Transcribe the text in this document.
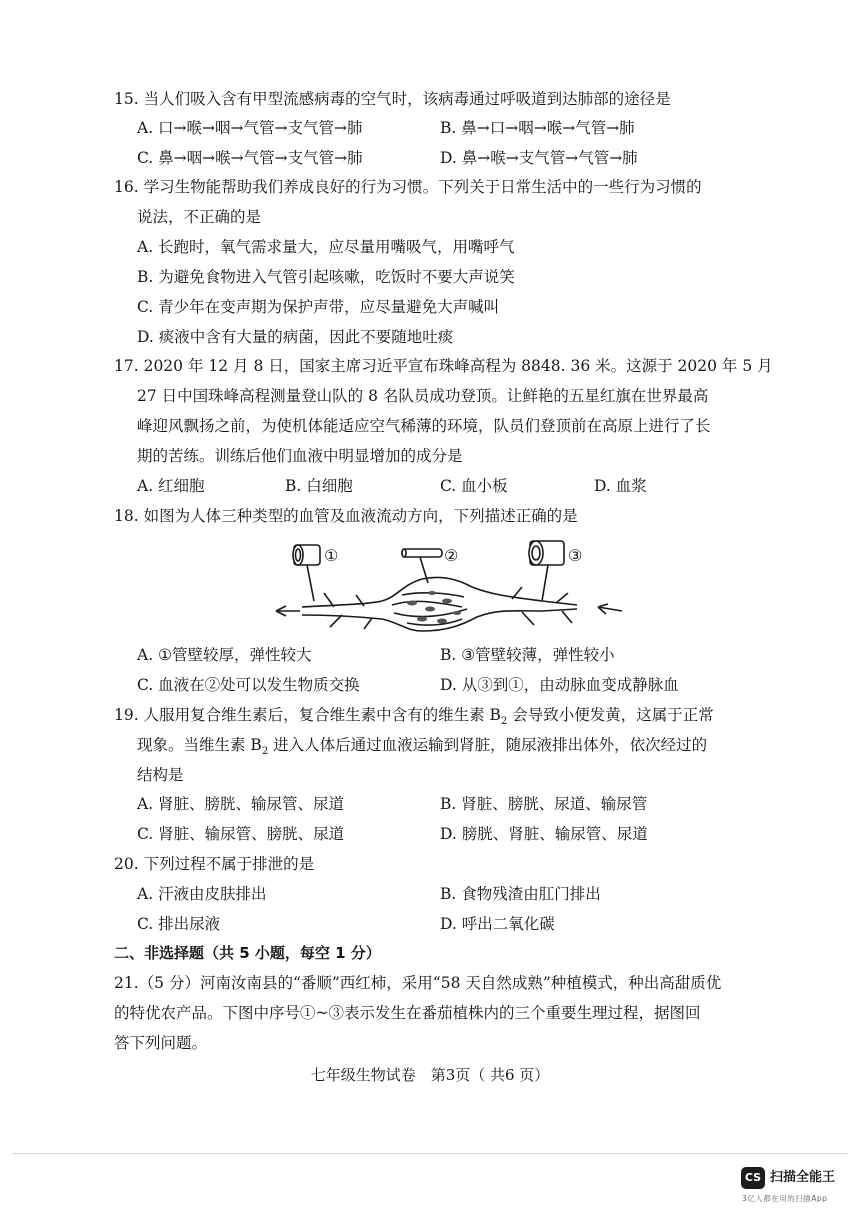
15. 当人们吸入含有甲型流感病毒的空气时，该病毒通过呼吸道到达肺部的途径是
A. 口→喉→咽→气管→支气管→肺	B. 鼻→口→咽→喉→气管→肺
C. 鼻→咽→喉→气管→支气管→肺	D. 鼻→喉→支气管→气管→肺
16. 学习生物能帮助我们养成良好的行为习惯。下列关于日常生活中的一些行为习惯的
说法，不正确的是
A. 长跑时，氧气需求量大，应尽量用嘴吸气，用嘴呼气
B. 为避免食物进入气管引起咳嗽，吃饭时不要大声说笑
C. 青少年在变声期为保护声带，应尽量避免大声喊叫
D. 痰液中含有大量的病菌，因此不要随地吐痰
17. 2020 年 12 月 8 日，国家主席习近平宣布珠峰高程为 8848. 36 米。这源于 2020 年 5 月
27 日中国珠峰高程测量登山队的 8 名队员成功登顶。让鲜艳的五星红旗在世界最高
峰迎风飘扬之前，为使机体能适应空气稀薄的环境，队员们登顶前在高原上进行了长
期的苦练。训练后他们血液中明显增加的成分是
A. 红细胞	B. 白细胞	C. 血小板	D. 血浆
18. 如图为人体三种类型的血管及血液流动方向，下列描述正确的是
①	②	③
A. ①管壁较厚，弹性较大	B. ③管壁较薄，弹性较小
C. 血液在②处可以发生物质交换	D. 从③到①，由动脉血变成静脉血
19. 人服用复合维生素后，复合维生素中含有的维生素 $B_2$ 会导致小便发黄，这属于正常
现象。当维生素 $B_2$ 进入人体后通过血液运输到肾脏，随尿液排出体外，依次经过的
结构是
A. 肾脏、膀胱、输尿管、尿道	B. 肾脏、膀胱、尿道、输尿管
C. 肾脏、输尿管、膀胱、尿道	D. 膀胱、肾脏、输尿管、尿道
20. 下列过程不属于排泄的是
A. 汗液由皮肤排出	B. 食物残渣由肛门排出
C. 排出尿液	D. 呼出二氧化碳
二、非选择题（共 5 小题，每空 1 分）
21.（5 分）河南汝南县的“番顺”西红柿，采用“58 天自然成熟”种植模式，种出高甜质优
的特优农产品。下图中序号①~③表示发生在番茄植株内的三个重要生理过程，据图回
答下列问题。
七年级生物试卷　第3页（ 共6 页）
CS 扫描全能王
3亿人都在用的扫描App
